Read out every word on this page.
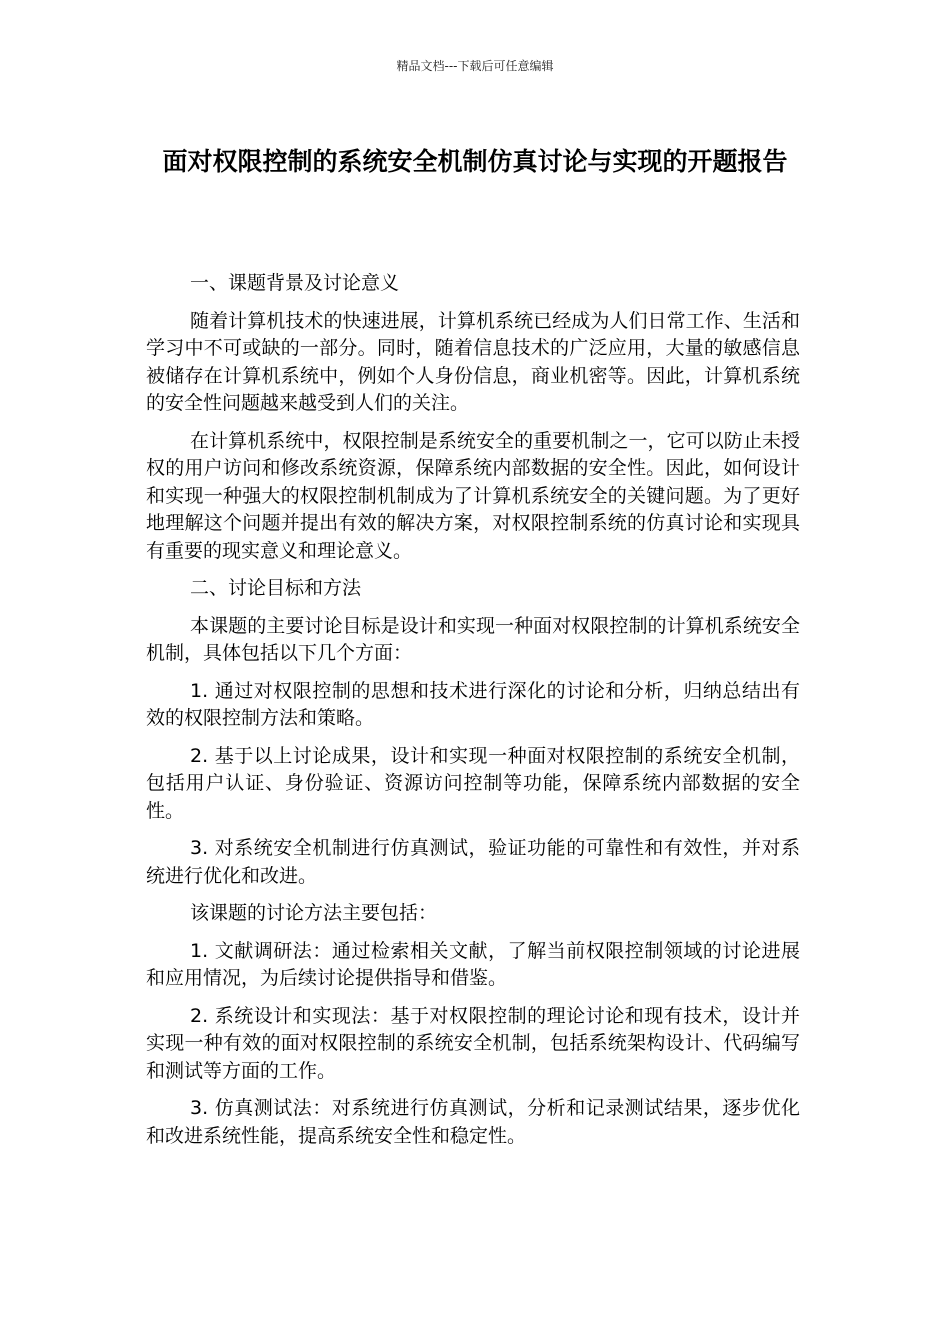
精品文档---下载后可任意编辑
面对权限控制的系统安全机制仿真讨论与实现的开题报告

一、课题背景及讨论意义

随着计算机技术的快速进展，计算机系统已经成为人们日常工作、生活和学习中不可或缺的一部分。同时，随着信息技术的广泛应用，大量的敏感信息被储存在计算机系统中，例如个人身份信息，商业机密等。因此，计算机系统的安全性问题越来越受到人们的关注。

在计算机系统中，权限控制是系统安全的重要机制之一，它可以防止未授权的用户访问和修改系统资源，保障系统内部数据的安全性。因此，如何设计和实现一种强大的权限控制机制成为了计算机系统安全的关键问题。为了更好地理解这个问题并提出有效的解决方案，对权限控制系统的仿真讨论和实现具有重要的现实意义和理论意义。

二、讨论目标和方法

本课题的主要讨论目标是设计和实现一种面对权限控制的计算机系统安全机制，具体包括以下几个方面：

1. 通过对权限控制的思想和技术进行深化的讨论和分析，归纳总结出有效的权限控制方法和策略。

2. 基于以上讨论成果，设计和实现一种面对权限控制的系统安全机制，包括用户认证、身份验证、资源访问控制等功能，保障系统内部数据的安全性。

3. 对系统安全机制进行仿真测试，验证功能的可靠性和有效性，并对系统进行优化和改进。

该课题的讨论方法主要包括：

1. 文献调研法：通过检索相关文献，了解当前权限控制领域的讨论进展和应用情况，为后续讨论提供指导和借鉴。

2. 系统设计和实现法：基于对权限控制的理论讨论和现有技术，设计并实现一种有效的面对权限控制的系统安全机制，包括系统架构设计、代码编写和测试等方面的工作。

3. 仿真测试法：对系统进行仿真测试，分析和记录测试结果，逐步优化和改进系统性能，提高系统安全性和稳定性。
